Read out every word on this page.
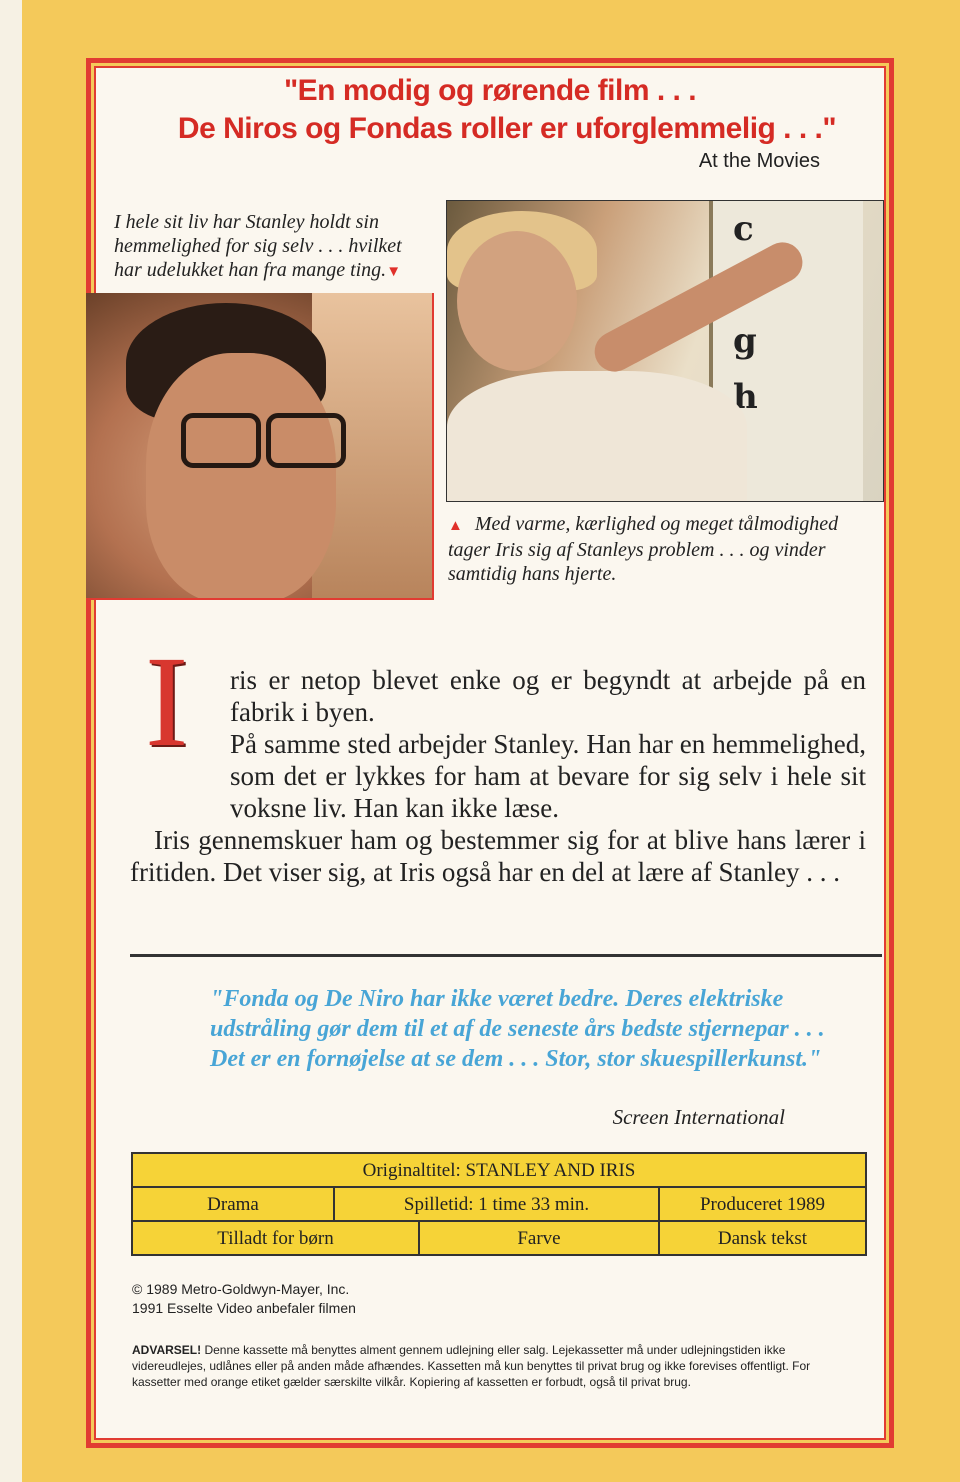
"En modig og rørende film . . .
De Niros og Fondas roller er uforglemmelig . . ."
At the Movies
I hele sit liv har Stanley holdt sin hemmelighed for sig selv . . . hvilket har udelukket han fra mange ting.▼
c
g
h
▲ Med varme, kærlighed og meget tålmodighed tager Iris sig af Stanleys problem . . . og vinder samtidig hans hjerte.
I	ris er netop blevet enke og er begyndt at arbejde på en fabrik i byen.

På samme sted arbejder Stanley. Han har en hemmelighed, som det er lykkes for ham at bevare for sig selv i hele sit voksne liv. Han kan ikke læse.

Iris gennemskuer ham og bestemmer sig for at blive hans lærer i fritiden. Det viser sig, at Iris også har en del at lære af Stanley . . .

"Fonda og De Niro har ikke været bedre. Deres elektriske udstråling gør dem til et af de seneste års bedste stjernepar . . . Det er en fornøjelse at se dem . . . Stor, stor skuespillerkunst."
Screen International
Originaltitel: STANLEY AND IRIS
Drama	Spilletid: 1 time 33 min.	Produceret 1989
Tilladt for børn	Farve	Dansk tekst
© 1989 Metro-Goldwyn-Mayer, Inc.
1991 Esselte Video anbefaler filmen
ADVARSEL! Denne kassette må benyttes alment gennem udlejning eller salg. Lejekassetter må under udlejningstiden ikke videreudlejes, udlånes eller på anden måde afhændes. Kassetten må kun benyttes til privat brug og ikke forevises offentligt. For kassetter med orange etiket gælder særskilte vilkår. Kopiering af kassetten er forbudt, også til privat brug.
